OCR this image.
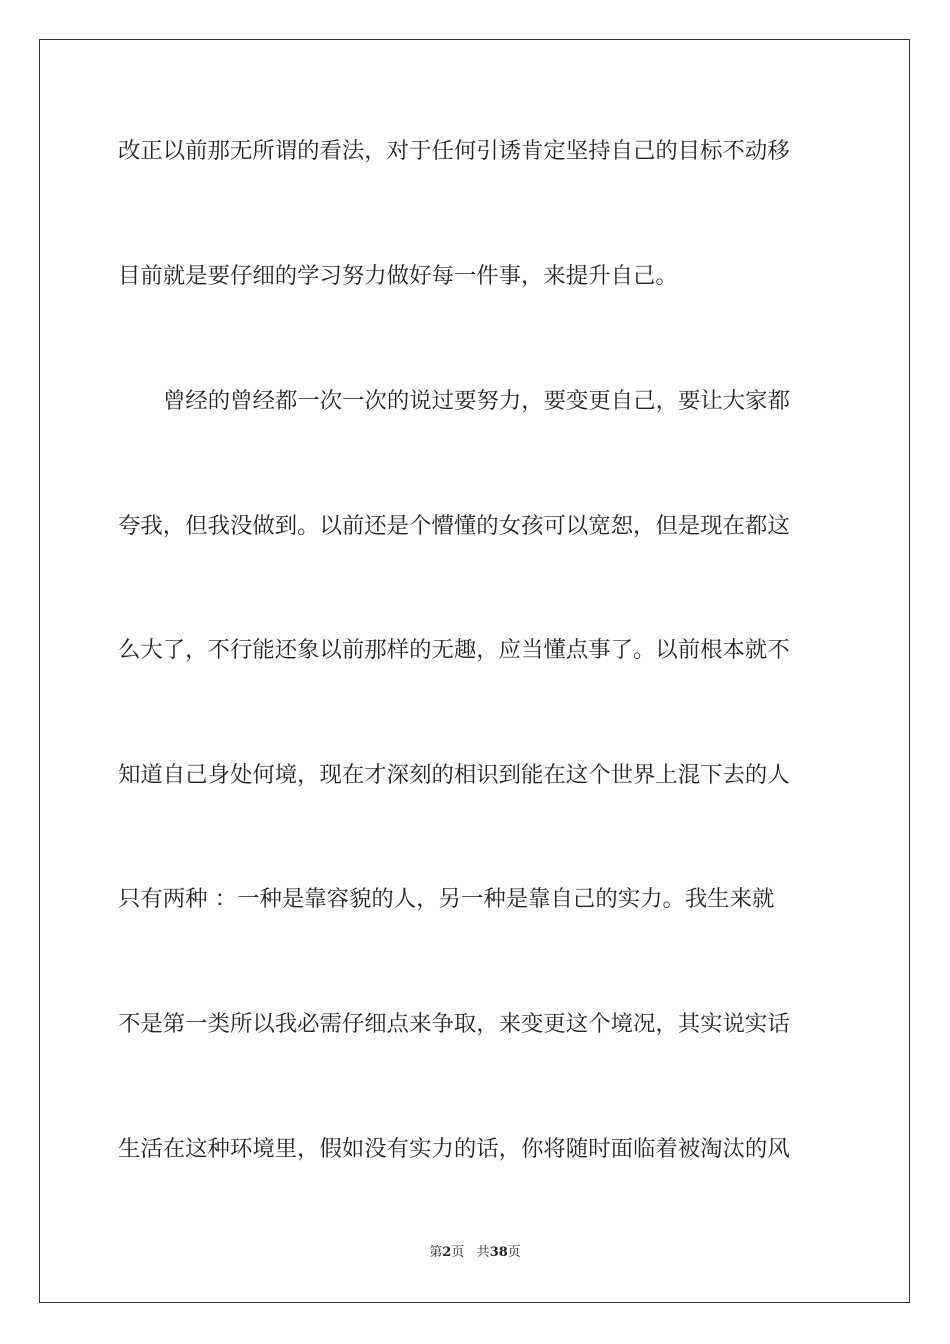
改正以前那无所谓的看法，对于任何引诱肯定坚持自己的目标不动移
目前就是要仔细的学习努力做好每一件事，来提升自己。
曾经的曾经都一次一次的说过要努力，要变更自己，要让大家都
夸我，但我没做到。以前还是个懵懂的女孩可以宽恕，但是现在都这
么大了，不行能还象以前那样的无趣，应当懂点事了。以前根本就不
知道自己身处何境，现在才深刻的相识到能在这个世界上混下去的人
只有两种 ：一种是靠容貌的人，另一种是靠自己的实力。我生来就
不是第一类所以我必需仔细点来争取，来变更这个境况，其实说实话
生活在这种环境里，假如没有实力的话，你将随时面临着被淘汰的风
第2页 共38页
